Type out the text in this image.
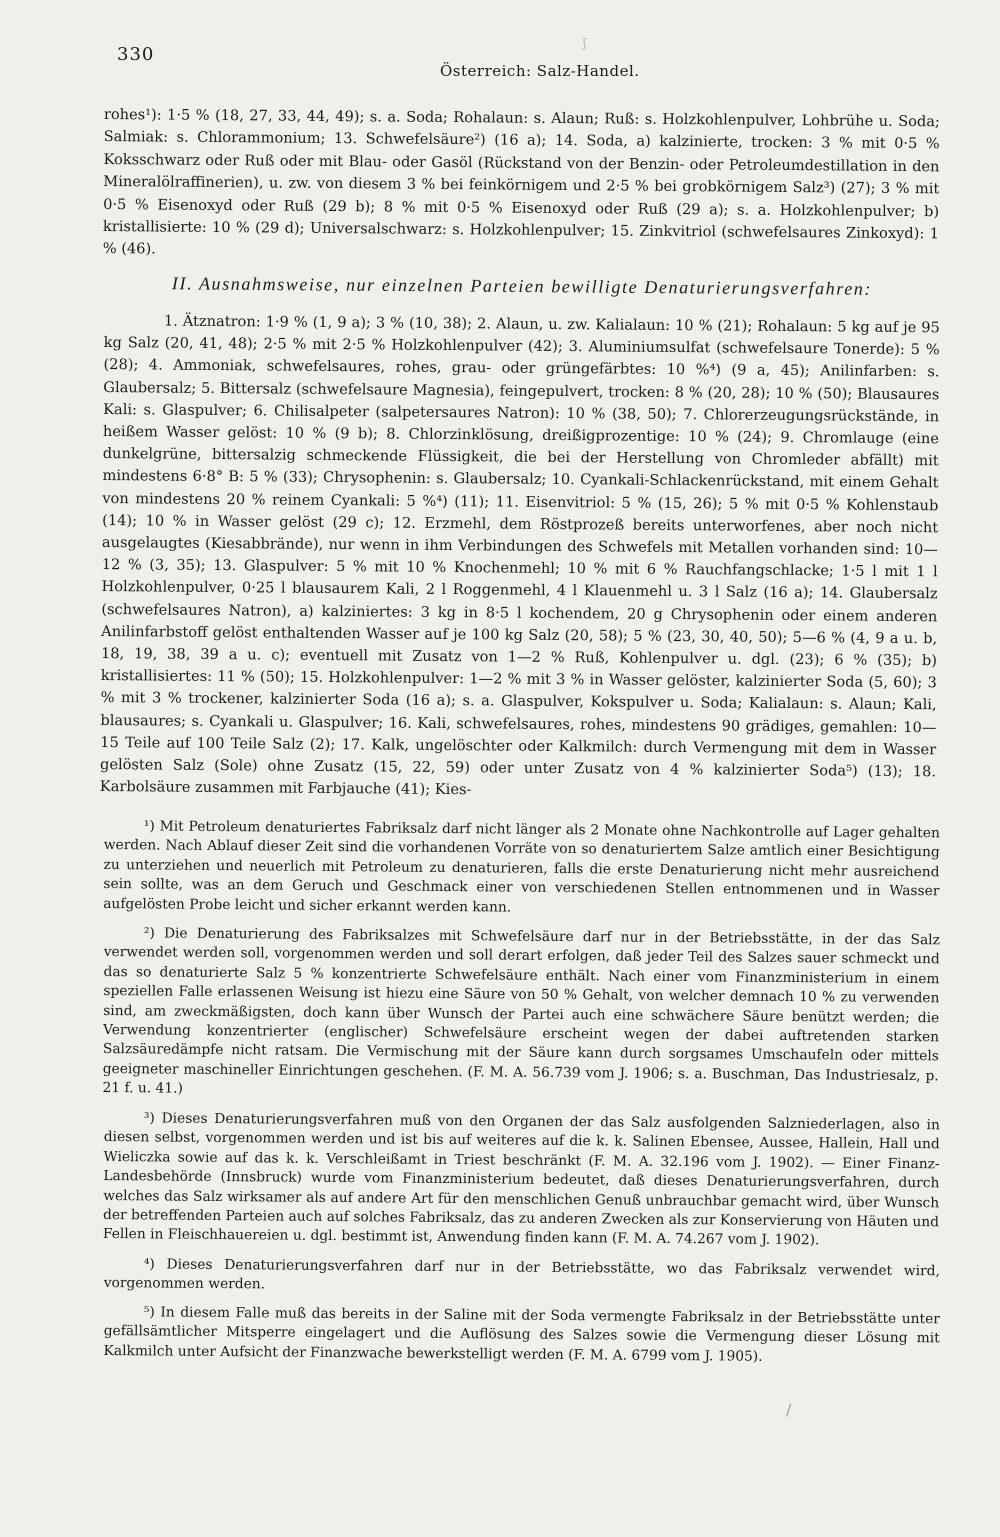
ʃ
330
Österreich: Salz-Handel.

rohes¹): 1·5 % (18, 27, 33, 44, 49); s. a. Soda; Rohalaun: s. Alaun; Ruß: s. Holzkohlenpulver, Lohbrühe u. Soda; Salmiak: s. Chlorammonium; 13. Schwefelsäure²) (16 a); 14. Soda, a) kalzinierte, trocken: 3 % mit 0·5 % Koksschwarz oder Ruß oder mit Blau- oder Gasöl (Rückstand von der Benzin- oder Petroleumdestillation in den Mineralölraffinerien), u. zw. von diesem 3 % bei feinkörnigem und 2·5 % bei grobkörnigem Salz³) (27); 3 % mit 0·5 % Eisenoxyd oder Ruß (29 b); 8 % mit 0·5 % Eisenoxyd oder Ruß (29 a); s. a. Holzkohlenpulver; b) kristallisierte: 10 % (29 d); Universalschwarz: s. Holzkohlenpulver; 15. Zinkvitriol (schwefelsaures Zinkoxyd): 1 % (46).

II. Ausnahmsweise, nur einzelnen Parteien bewilligte Denaturierungsverfahren:

1. Ätznatron: 1·9 % (1, 9 a); 3 % (10, 38); 2. Alaun, u. zw. Kalialaun: 10 % (21); Rohalaun: 5 kg auf je 95 kg Salz (20, 41, 48); 2·5 % mit 2·5 % Holzkohlenpulver (42); 3. Aluminiumsulfat (schwefelsaure Tonerde): 5 % (28); 4. Ammoniak, schwefelsaures, rohes, grau- oder grüngefärbtes: 10 %⁴) (9 a, 45); Anilinfarben: s. Glaubersalz; 5. Bittersalz (schwefelsaure Magnesia), feingepulvert, trocken: 8 % (20, 28); 10 % (50); Blausaures Kali: s. Glaspulver; 6. Chilisalpeter (salpetersaures Natron): 10 % (38, 50); 7. Chlorerzeugungsrückstände, in heißem Wasser gelöst: 10 % (9 b); 8. Chlorzinklösung, dreißigprozentige: 10 % (24); 9. Chromlauge (eine dunkelgrüne, bittersalzig schmeckende Flüssigkeit, die bei der Herstellung von Chromleder abfällt) mit mindestens 6·8° B: 5 % (33); Chrysophenin: s. Glaubersalz; 10. Cyankali-Schlackenrückstand, mit einem Gehalt von mindestens 20 % reinem Cyankali: 5 %⁴) (11); 11. Eisenvitriol: 5 % (15, 26); 5 % mit 0·5 % Kohlenstaub (14); 10 % in Wasser gelöst (29 c); 12. Erzmehl, dem Röstprozeß bereits unterworfenes, aber noch nicht ausgelaugtes (Kiesabbrände), nur wenn in ihm Verbindungen des Schwefels mit Metallen vorhanden sind: 10—12 % (3, 35); 13. Glaspulver: 5 % mit 10 % Knochenmehl; 10 % mit 6 % Rauchfangschlacke; 1·5 l mit 1 l Holzkohlenpulver, 0·25 l blausaurem Kali, 2 l Roggenmehl, 4 l Klauenmehl u. 3 l Salz (16 a); 14. Glaubersalz (schwefelsaures Natron), a) kalziniertes: 3 kg in 8·5 l kochendem, 20 g Chrysophenin oder einem anderen Anilinfarbstoff gelöst enthaltenden Wasser auf je 100 kg Salz (20, 58); 5 % (23, 30, 40, 50); 5—6 % (4, 9 a u. b, 18, 19, 38, 39 a u. c); eventuell mit Zusatz von 1—2 % Ruß, Kohlenpulver u. dgl. (23); 6 % (35); b) kristallisiertes: 11 % (50); 15. Holzkohlenpulver: 1—2 % mit 3 % in Wasser gelöster, kalzinierter Soda (5, 60); 3 % mit 3 % trockener, kalzinierter Soda (16 a); s. a. Glaspulver, Kokspulver u. Soda; Kalialaun: s. Alaun; Kali, blausaures; s. Cyankali u. Glaspulver; 16. Kali, schwefelsaures, rohes, mindestens 90 grädiges, gemahlen: 10—15 Teile auf 100 Teile Salz (2); 17. Kalk, ungelöschter oder Kalkmilch: durch Vermengung mit dem in Wasser gelösten Salz (Sole) ohne Zusatz (15, 22, 59) oder unter Zusatz von 4 % kalzinierter Soda⁵) (13); 18. Karbolsäure zusammen mit Farbjauche (41); Kies-

¹) Mit Petroleum denaturiertes Fabriksalz darf nicht länger als 2 Monate ohne Nachkontrolle auf Lager gehalten werden. Nach Ablauf dieser Zeit sind die vorhandenen Vorräte von so denaturiertem Salze amtlich einer Besichtigung zu unterziehen und neuerlich mit Petroleum zu denaturieren, falls die erste Denaturierung nicht mehr ausreichend sein sollte, was an dem Geruch und Geschmack einer von verschiedenen Stellen entnommenen und in Wasser aufgelösten Probe leicht und sicher erkannt werden kann.

²) Die Denaturierung des Fabriksalzes mit Schwefelsäure darf nur in der Betriebsstätte, in der das Salz verwendet werden soll, vorgenommen werden und soll derart erfolgen, daß jeder Teil des Salzes sauer schmeckt und das so denaturierte Salz 5 % konzentrierte Schwefelsäure enthält. Nach einer vom Finanzministerium in einem speziellen Falle erlassenen Weisung ist hiezu eine Säure von 50 % Gehalt, von welcher demnach 10 % zu verwenden sind, am zweckmäßigsten, doch kann über Wunsch der Partei auch eine schwächere Säure benützt werden; die Verwendung konzentrierter (englischer) Schwefelsäure erscheint wegen der dabei auftretenden starken Salzsäuredämpfe nicht ratsam. Die Vermischung mit der Säure kann durch sorgsames Umschaufeln oder mittels geeigneter maschineller Einrichtungen geschehen. (F. M. A. 56.739 vom J. 1906; s. a. Buschman, Das Industriesalz, p. 21 f. u. 41.)

³) Dieses Denaturierungsverfahren muß von den Organen der das Salz ausfolgenden Salzniederlagen, also in diesen selbst, vorgenommen werden und ist bis auf weiteres auf die k. k. Salinen Ebensee, Aussee, Hallein, Hall und Wieliczka sowie auf das k. k. Verschleißamt in Triest beschränkt (F. M. A. 32.196 vom J. 1902). — Einer Finanz-Landesbehörde (Innsbruck) wurde vom Finanzministerium bedeutet, daß dieses Denaturierungsverfahren, durch welches das Salz wirksamer als auf andere Art für den menschlichen Genuß unbrauchbar gemacht wird, über Wunsch der betreffenden Parteien auch auf solches Fabriksalz, das zu anderen Zwecken als zur Konservierung von Häuten und Fellen in Fleischhauereien u. dgl. bestimmt ist, Anwendung finden kann (F. M. A. 74.267 vom J. 1902).

⁴) Dieses Denaturierungsverfahren darf nur in der Betriebsstätte, wo das Fabriksalz verwendet wird, vorgenommen werden.

⁵) In diesem Falle muß das bereits in der Saline mit der Soda vermengte Fabriksalz in der Betriebsstätte unter gefällsämtlicher Mitsperre eingelagert und die Auflösung des Salzes sowie die Vermengung dieser Lösung mit Kalkmilch unter Aufsicht der Finanzwache bewerkstelligt werden (F. M. A. 6799 vom J. 1905).

/
